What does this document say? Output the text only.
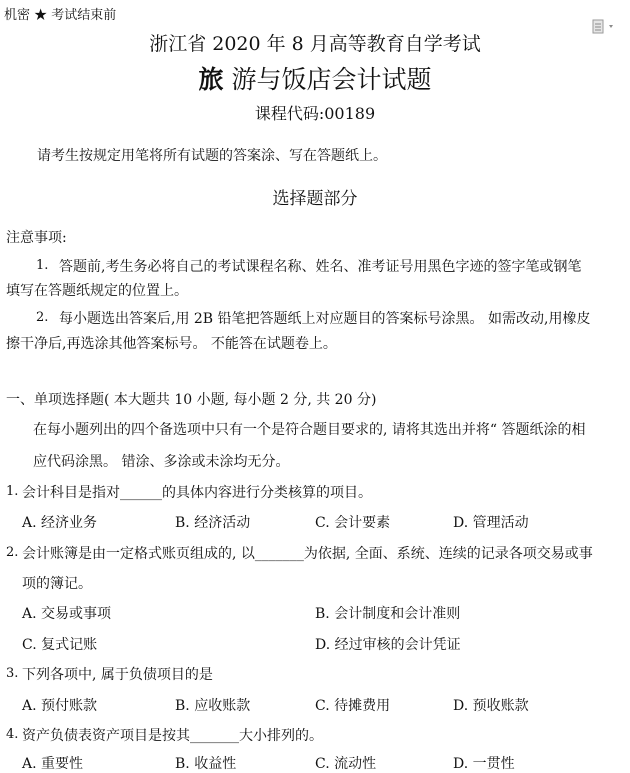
机密 ★ 考试结束前
浙江省 2020 年 8 月高等教育自学考试
旅 游与饭店会计试题
课程代码:00189
请考生按规定用笔将所有试题的答案涂、写在答题纸上。
选择题部分
注意事项:
1. 答题前,考生务必将自己的考试课程名称、姓名、准考证号用黑色字迹的签字笔或钢笔
填写在答题纸规定的位置上。
2. 每小题选出答案后,用 2B 铅笔把答题纸上对应题目的答案标号涂黑。 如需改动,用橡皮
擦干净后,再选涂其他答案标号。 不能答在试题卷上。
一、单项选择题( 本大题共 10 小题, 每小题 2 分, 共 20 分)
在每小题列出的四个备选项中只有一个是符合题目要求的, 请将其选出并将“ 答题纸涂的相
应代码涂黑。 错涂、多涂或未涂均无分。
1. 会计科目是指对______的具体内容进行分类核算的项目。
A. 经济业务	B. 经济活动	C. 会计要素	D. 管理活动
2. 会计账簿是由一定格式账页组成的, 以_______为依据, 全面、系统、连续的记录各项交易或事
项的簿记。
A. 交易或事项	B. 会计制度和会计准则
C. 复式记账	D. 经过审核的会计凭证
3. 下列各项中, 属于负债项目的是
A. 预付账款	B. 应收账款	C. 待摊费用	D. 预收账款
4. 资产负债表资产项目是按其_______大小排列的。
A. 重要性	B. 收益性	C. 流动性	D. 一贯性
